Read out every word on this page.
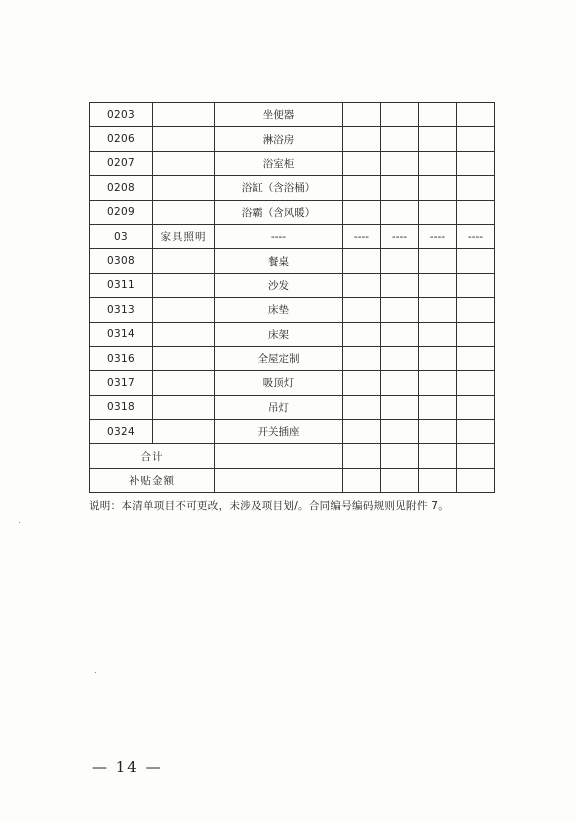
0203		坐便器				
0206		淋浴房				
0207		浴室柜				
0208		浴缸（含浴桶）				
0209		浴霸（含风暖）				
03	家具照明	----	----	----	----	----
0308		餐桌				
0311		沙发				
0313		床垫				
0314		床架				
0316		全屋定制				
0317		吸顶灯				
0318		吊灯				
0324		开关插座				
合计						
补贴金额						
说明：本清单项目不可更改，未涉及项目划/。合同编号编码规则见附件 7。
— 14 —
